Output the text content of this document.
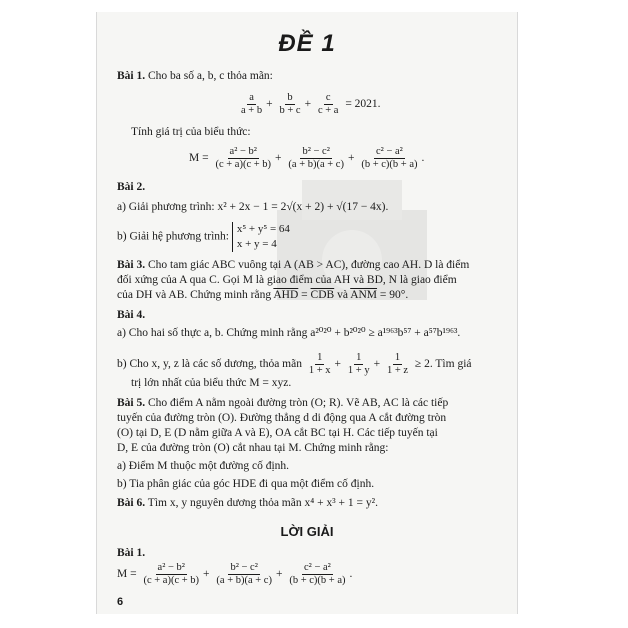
ĐỀ 1
Bài 1. Cho ba số a, b, c thỏa mãn:
$\frac{a}{a + b} + \frac{b}{b + c} + \frac{c}{c + a} = 2021$.
Tính giá trị của biểu thức:
$M = \frac{\text{a² − b²}}{(c + a)(c + b)} + \frac{\text{b² − c²}}{(a + b)(a + c)} + \frac{\text{c² − a²}}{(b + c)(b + a)}$ .
Bài 2.
a) Giải phương trình: x² + 2x − 1 = 2√(x + 2) + √(17 − 4x).
b) Giải hệ phương trình: x⁵ + y⁵ = 64
x + y = 4
Bài 3. Cho tam giác ABC vuông tại A (AB > AC), đường cao AH. D là điểm
đối xứng của A qua C. Gọi M là giao điểm của AH và BD, N là giao điểm
của DH và AB. Chứng minh rằng $\overline{AHD} = \overline{CDB}$ và $\overline{ANM} = 90^\circ$.
Bài 4.
a) Cho hai số thực a, b. Chứng minh rằng a²⁰²⁰ + b²⁰²⁰ ≥ a¹⁹⁶³b⁵⁷ + a⁵⁷b¹⁹⁶³.
b) Cho x, y, z là các số dương, thỏa mãn $\frac{1}{1 + x} + \frac{1}{1 + y} + \frac{1}{1 + z} \ge 2$. Tìm giá
trị lớn nhất của biểu thức M = xyz.
Bài 5. Cho điểm A nằm ngoài đường tròn (O; R). Vẽ AB, AC là các tiếp
tuyến của đường tròn (O). Đường thẳng d di động qua A cắt đường tròn
(O) tại D, E (D nằm giữa A và E), OA cắt BC tại H. Các tiếp tuyến tại
D, E của đường tròn (O) cắt nhau tại M. Chứng minh rằng:
a) Điểm M thuộc một đường cố định.
b) Tia phân giác của góc HDE đi qua một điểm cố định.
Bài 6. Tìm x, y nguyên dương thỏa mãn x⁴ + x³ + 1 = y².
LỜI GIẢI
Bài 1.
$M = \frac{\text{a² − b²}}{(c + a)(c + b)} + \frac{\text{b² − c²}}{(a + b)(a + c)} + \frac{\text{c² − a²}}{(b + c)(b + a)}$ .
6
